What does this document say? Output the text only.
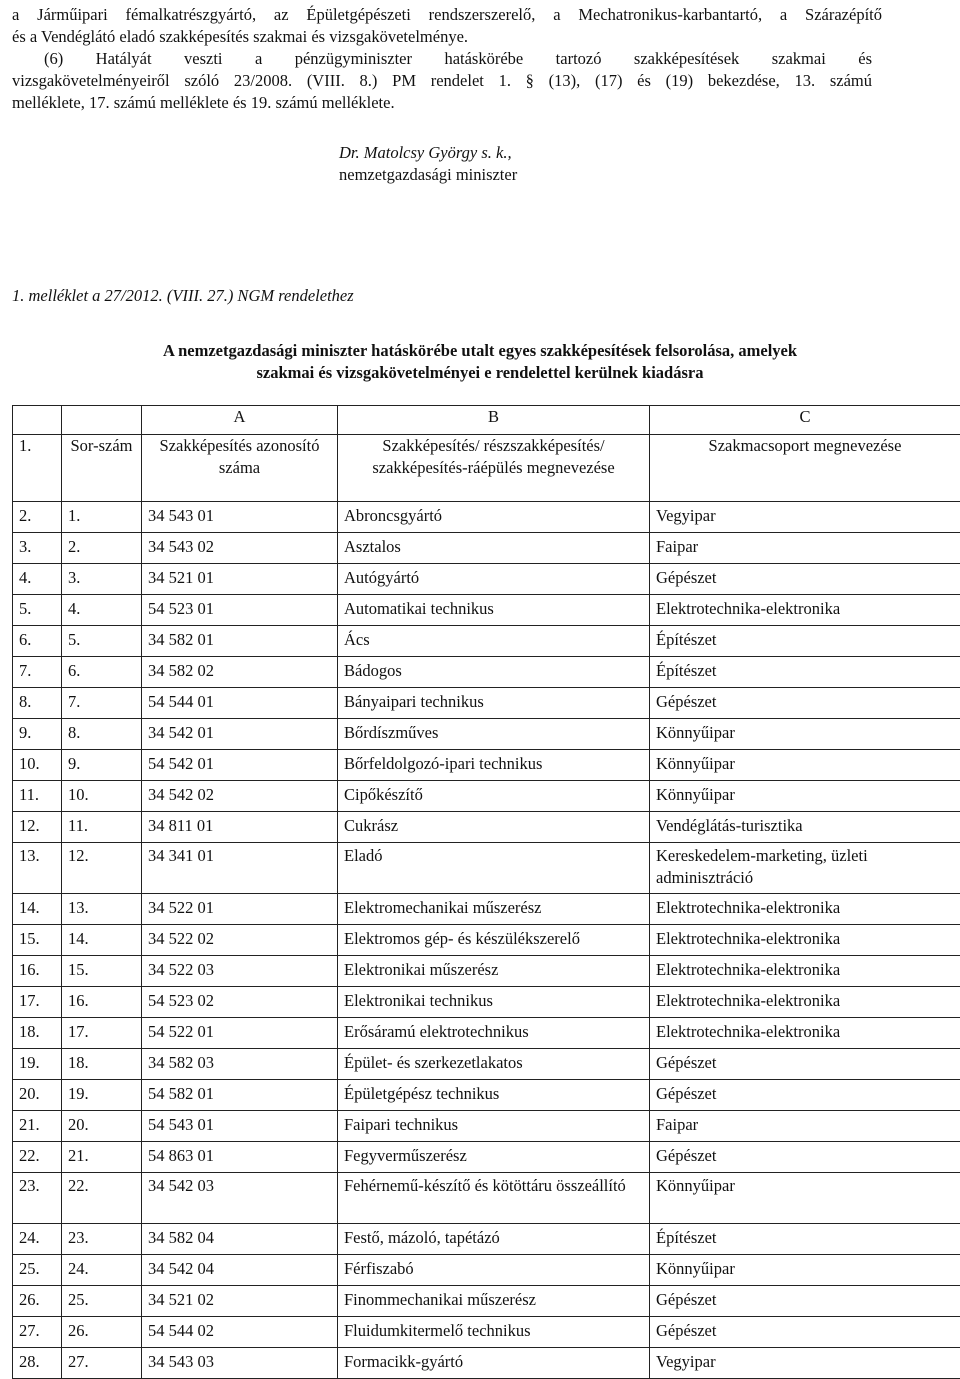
a Járműipari fémalkatrészgyártó, az Épületgépészeti rendszerszerelő, a Mechatronikus-karbantartó, a Szárazépítő
és a Vendéglátó eladó szakképesítés szakmai és vizsgakövetelménye.
(6) Hatályát veszti a pénzügyminiszter hatáskörébe tartozó szakképesítések szakmai és
vizsgakövetelményeiről szóló 23/2008. (VIII. 8.) PM rendelet 1. § (13), (17) és (19) bekezdése, 13. számú
melléklete, 17. számú melléklete és 19. számú melléklete.
Dr. Matolcsy György s. k.,
nemzetgazdasági miniszter
1. melléklet a 27/2012. (VIII. 27.) NGM rendelethez
A nemzetgazdasági miniszter hatáskörébe utalt egyes szakképesítések felsorolása, amelyek szakmai és vizsgakövetelményei e rendelettel kerülnek kiadásra
		A	B	C
1.	Sor-szám	Szakképesítés azonosító száma	Szakképesítés/ részszakképesítés/ szakképesítés-ráépülés megnevezése	Szakmacsoport megnevezése
2.	1.	34 543 01	Abroncsgyártó	Vegyipar
3.	2.	34 543 02	Asztalos	Faipar
4.	3.	34 521 01	Autógyártó	Gépészet
5.	4.	54 523 01	Automatikai technikus	Elektrotechnika-elektronika
6.	5.	34 582 01	Ács	Építészet
7.	6.	34 582 02	Bádogos	Építészet
8.	7.	54 544 01	Bányaipari technikus	Gépészet
9.	8.	34 542 01	Bőrdíszműves	Könnyűipar
10.	9.	54 542 01	Bőrfeldolgozó-ipari technikus	Könnyűipar
11.	10.	34 542 02	Cipőkészítő	Könnyűipar
12.	11.	34 811 01	Cukrász	Vendéglátás-turisztika
13.	12.	34 341 01	Eladó	Kereskedelem-marketing, üzleti adminisztráció
14.	13.	34 522 01	Elektromechanikai műszerész	Elektrotechnika-elektronika
15.	14.	34 522 02	Elektromos gép- és készülékszerelő	Elektrotechnika-elektronika
16.	15.	34 522 03	Elektronikai műszerész	Elektrotechnika-elektronika
17.	16.	54 523 02	Elektronikai technikus	Elektrotechnika-elektronika
18.	17.	54 522 01	Erősáramú elektrotechnikus	Elektrotechnika-elektronika
19.	18.	34 582 03	Épület- és szerkezetlakatos	Gépészet
20.	19.	54 582 01	Épületgépész technikus	Gépészet
21.	20.	54 543 01	Faipari technikus	Faipar
22.	21.	54 863 01	Fegyverműszerész	Gépészet
23.	22.	34 542 03	Fehérnemű-készítő és kötöttáru összeállító	Könnyűipar
24.	23.	34 582 04	Festő, mázoló, tapétázó	Építészet
25.	24.	34 542 04	Férfiszabó	Könnyűipar
26.	25.	34 521 02	Finommechanikai műszerész	Gépészet
27.	26.	54 544 02	Fluidumkitermelő technikus	Gépészet
28.	27.	34 543 03	Formacikk-gyártó	Vegyipar
